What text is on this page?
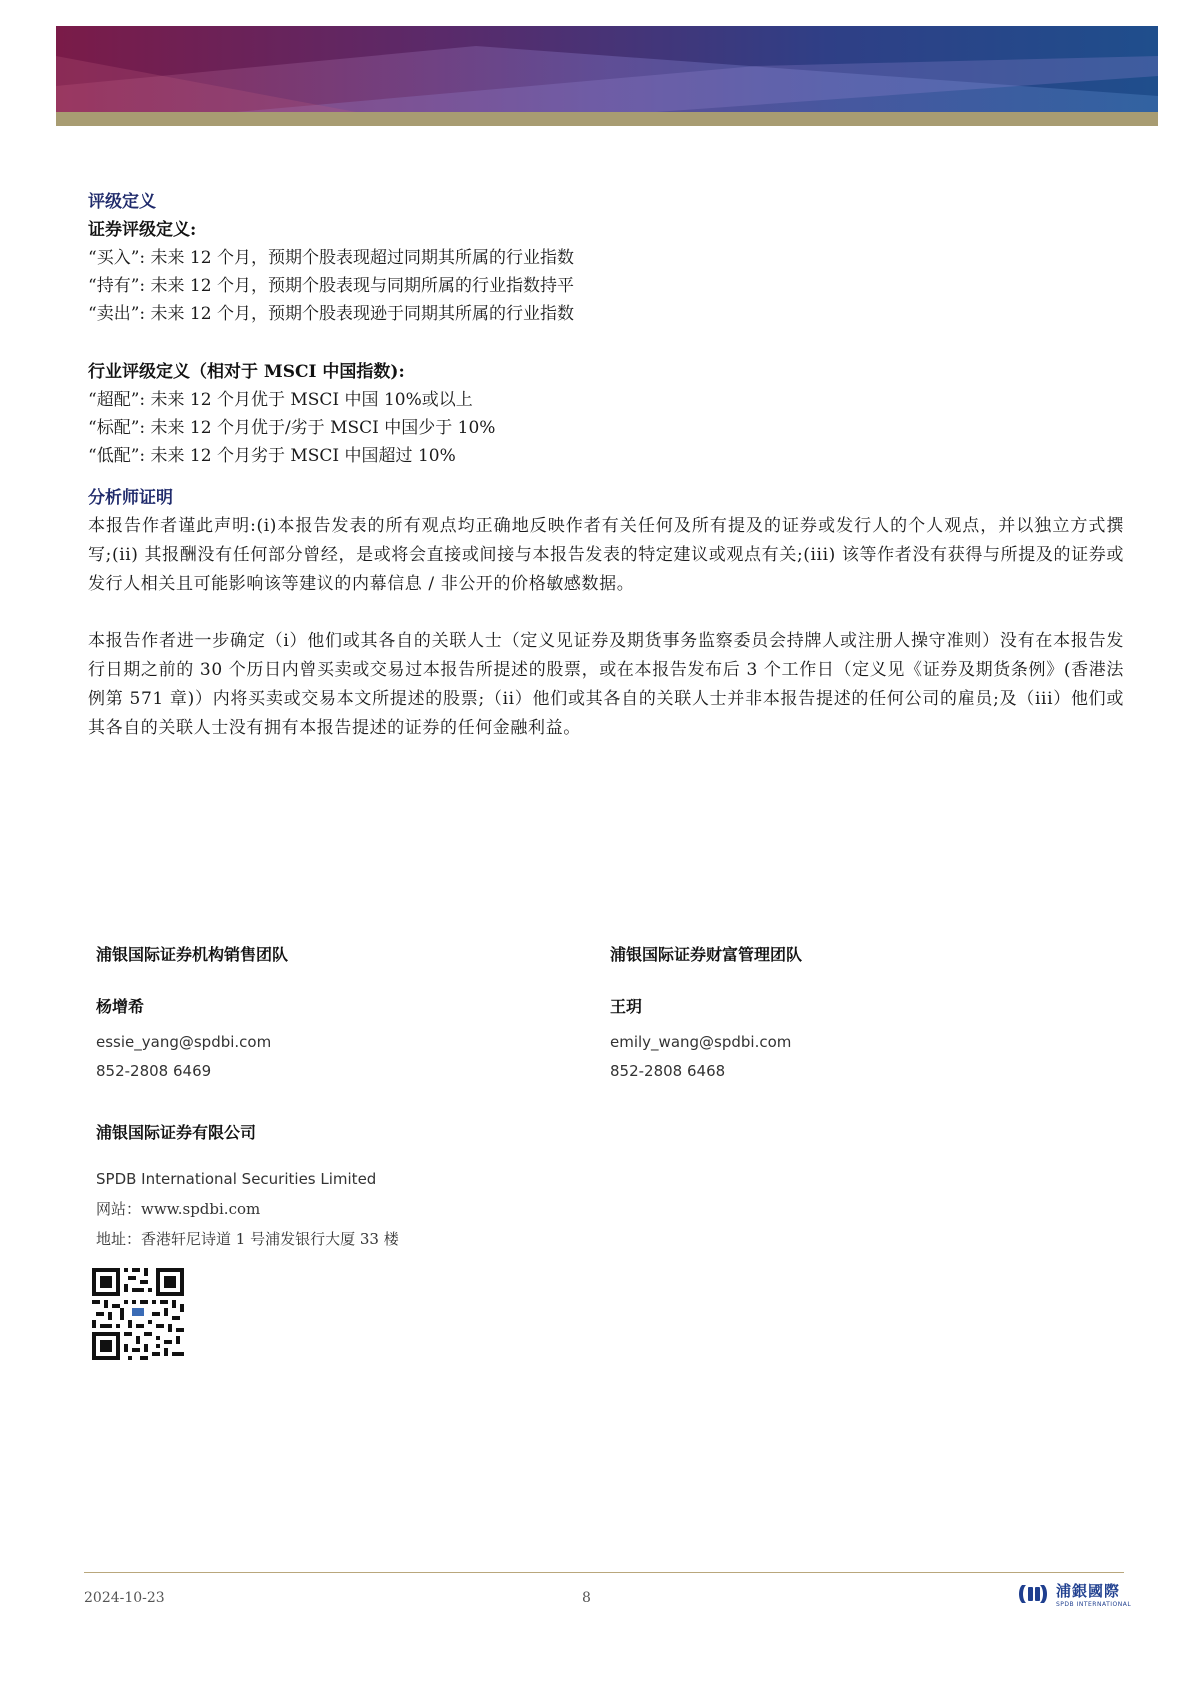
评级定义

证券评级定义:

“买入”: 未来 12 个月，预期个股表现超过同期其所属的行业指数

“持有”: 未来 12 个月，预期个股表现与同期所属的行业指数持平

“卖出”: 未来 12 个月，预期个股表现逊于同期其所属的行业指数

行业评级定义（相对于 MSCI 中国指数):

“超配”: 未来 12 个月优于 MSCI 中国 10%或以上

“标配”: 未来 12 个月优于/劣于 MSCI 中国少于 10%

“低配”: 未来 12 个月劣于 MSCI 中国超过 10%

分析师证明

本报告作者谨此声明:(i)本报告发表的所有观点均正确地反映作者有关任何及所有提及的证券或发行人的个人观点，并以独立方式撰写;(ii) 其报酬没有任何部分曾经，是或将会直接或间接与本报告发表的特定建议或观点有关;(iii) 该等作者没有获得与所提及的证券或发行人相关且可能影响该等建议的内幕信息 / 非公开的价格敏感数据。

本报告作者进一步确定（i）他们或其各自的关联人士（定义见证券及期货事务监察委员会持牌人或注册人操守准则）没有在本报告发行日期之前的 30 个历日内曾买卖或交易过本报告所提述的股票，或在本报告发布后 3 个工作日（定义见《证券及期货条例》(香港法例第 571 章)）内将买卖或交易本文所提述的股票;（ii）他们或其各自的关联人士并非本报告提述的任何公司的雇员;及（iii）他们或其各自的关联人士没有拥有本报告提述的证券的任何金融利益。

浦银国际证券机构销售团队

杨增希

essie_yang@spdbi.com

852-2808 6469

浦银国际证券财富管理团队

王玥

emily_wang@spdbi.com

852-2808 6468

浦银国际证券有限公司

SPDB International Securities Limited

网站：www.spdbi.com

地址：香港轩尼诗道 1 号浦发银行大厦 33 楼

2024-10-23	8	浦銀國際
SPDB INTERNATIONAL
